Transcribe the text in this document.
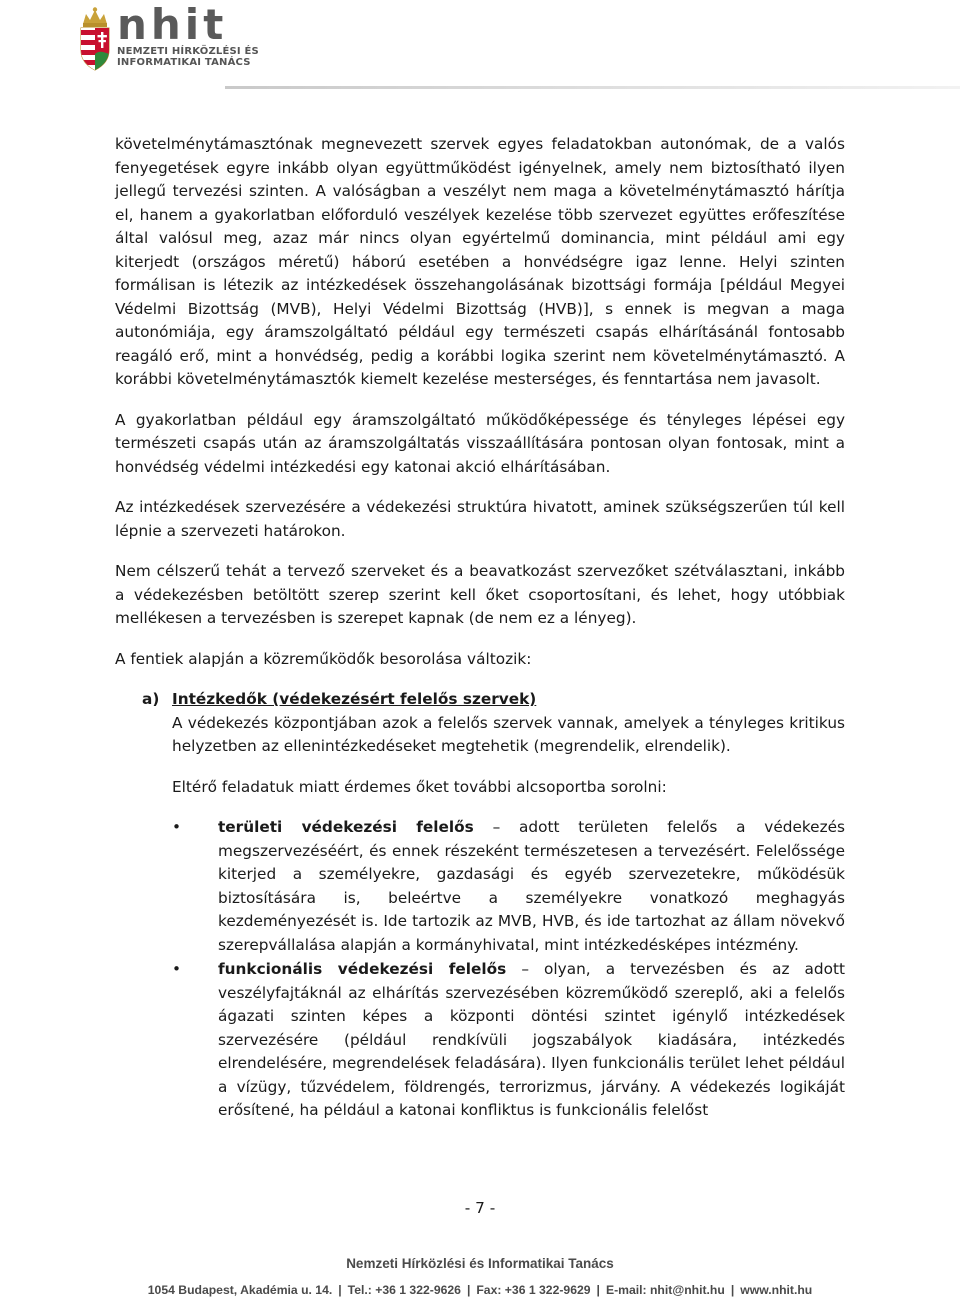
nhit
NEMZETI HÍRKÖZLÉSI ÉS
INFORMATIKAI TANÁCS

követelménytámasztónak megnevezett szervek egyes feladatokban autonómak, de a valós fenyegetések egyre inkább olyan együttműködést igényelnek, amely nem biztosítható ilyen jellegű tervezési szinten. A valóságban a veszélyt nem maga a követelménytámasztó hárítja el, hanem a gyakorlatban előforduló veszélyek kezelése több szervezet együttes erőfeszítése által valósul meg, azaz már nincs olyan egyértelmű dominancia, mint például ami egy kiterjedt (országos méretű) háború esetében a honvédségre igaz lenne. Helyi szinten formálisan is létezik az intézkedések összehangolásának bizottsági formája [például Megyei Védelmi Bizottság (MVB), Helyi Védelmi Bizottság (HVB)], s ennek is megvan a maga autonómiája, egy áramszolgáltató például egy természeti csapás elhárításánál fontosabb reagáló erő, mint a honvédség, pedig a korábbi logika szerint nem követelménytámasztó. A korábbi követelménytámasztók kiemelt kezelése mesterséges, és fenntartása nem javasolt.

A gyakorlatban például egy áramszolgáltató működőképessége és tényleges lépései egy természeti csapás után az áramszolgáltatás visszaállítására pontosan olyan fontosak, mint a honvédség védelmi intézkedési egy katonai akció elhárításában.

Az intézkedések szervezésére a védekezési struktúra hivatott, aminek szükségszerűen túl kell lépnie a szervezeti határokon.

Nem célszerű tehát a tervező szerveket és a beavatkozást szervezőket szétválasztani, inkább a védekezésben betöltött szerep szerint kell őket csoportosítani, és lehet, hogy utóbbiak mellékesen a tervezésben is szerepet kapnak (de nem ez a lényeg).

A fentiek alapján a közreműködők besorolása változik:

a) Intézkedők (védekezésért felelős szervek)

A védekezés központjában azok a felelős szervek vannak, amelyek a tényleges kritikus helyzetben az ellenintézkedéseket megtehetik (megrendelik, elrendelik).

Eltérő feladatuk miatt érdemes őket további alcsoportba sorolni:

• területi védekezési felelős – adott területen felelős a védekezés megszervezéséért, és ennek részeként természetesen a tervezésért. Felelőssége kiterjed a személyekre, gazdasági és egyéb szervezetekre, működésük biztosítására is, beleértve a személyekre vonatkozó meghagyás kezdeményezését is. Ide tartozik az MVB, HVB, és ide tartozhat az állam növekvő szerepvállalása alapján a kormányhivatal, mint intézkedésképes intézmény.
• funkcionális védekezési felelős – olyan, a tervezésben és az adott veszélyfajtáknál az elhárítás szervezésében közreműködő szereplő, aki a felelős ágazati szinten képes a központi döntési szintet igénylő intézkedések szervezésére (például rendkívüli jogszabályok kiadására, intézkedés elrendelésére, megrendelések feladására). Ilyen funkcionális terület lehet például a vízügy, tűzvédelem, földrengés, terrorizmus, járvány. A védekezés logikáját erősítené, ha például a katonai konfliktus is funkcionális felelőst
- 7 -
Nemzeti Hírközlési és Informatikai Tanács
1054 Budapest, Akadémia u. 14. | Tel.: +36 1 322-9626 | Fax: +36 1 322-9629 | E-mail: nhit@nhit.hu | www.nhit.hu
